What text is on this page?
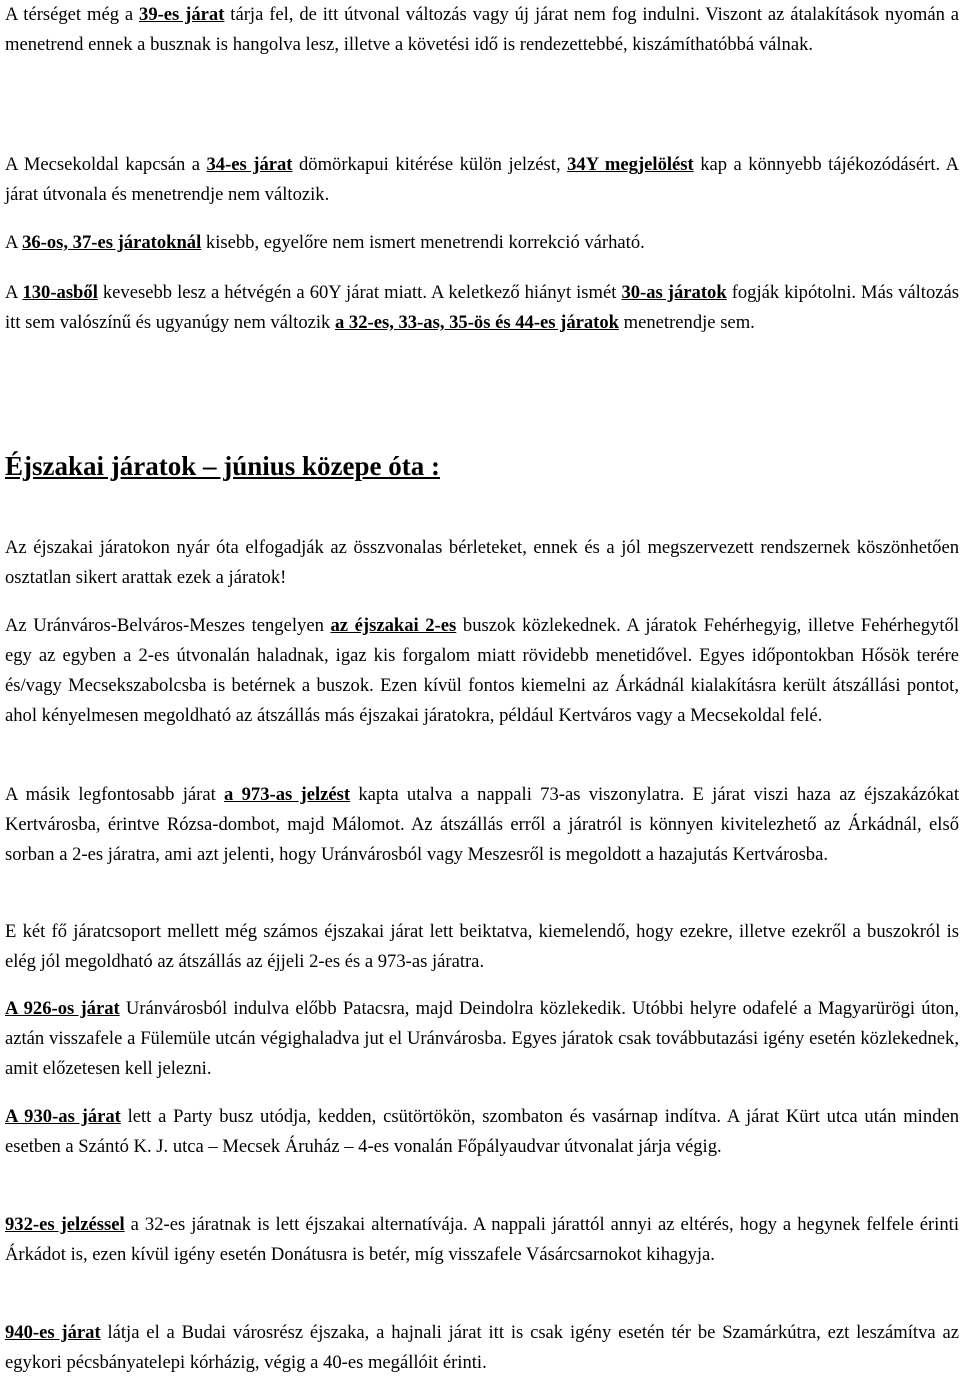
A térséget még a 39-es járat tárja fel, de itt útvonal változás vagy új járat nem fog indulni. Viszont az átalakítások nyomán a menetrend ennek a busznak is hangolva lesz, illetve a követési idő is rendezettebbé, kiszámíthatóbbá válnak.

A Mecsekoldal kapcsán a 34-es járat dömörkapui kitérése külön jelzést, 34Y megjelölést kap a könnyebb tájékozódásért. A járat útvonala és menetrendje nem változik.

A 36-os, 37-es járatoknál kisebb, egyelőre nem ismert menetrendi korrekció várható.

A 130-asből kevesebb lesz a hétvégén a 60Y járat miatt. A keletkező hiányt ismét 30-as járatok fogják kipótolni. Más változás itt sem valószínű és ugyanúgy nem változik a 32-es, 33-as, 35-ös és 44-es járatok menetrendje sem.

Éjszakai járatok – június közepe óta :

Az éjszakai járatokon nyár óta elfogadják az összvonalas bérleteket, ennek és a jól megszervezett rendszernek köszönhetően osztatlan sikert arattak ezek a járatok!

Az Uránváros-Belváros-Meszes tengelyen az éjszakai 2-es buszok közlekednek. A járatok Fehérhegyig, illetve Fehérhegytől egy az egyben a 2-es útvonalán haladnak, igaz kis forgalom miatt rövidebb menetidővel. Egyes időpontokban Hősök terére és/vagy Mecsekszabolcsba is betérnek a buszok. Ezen kívül fontos kiemelni az Árkádnál kialakításra került átszállási pontot, ahol kényelmesen megoldható az átszállás más éjszakai járatokra, például Kertváros vagy a Mecsekoldal felé.

A másik legfontosabb járat a 973-as jelzést kapta utalva a nappali 73-as viszonylatra. E járat viszi haza az éjszakázókat Kertvárosba, érintve Rózsa-dombot, majd Málomot. Az átszállás erről a járatról is könnyen kivitelezhető az Árkádnál, első sorban a 2-es járatra, ami azt jelenti, hogy Uránvárosból vagy Meszesről is megoldott a hazajutás Kertvárosba.

E két fő járatcsoport mellett még számos éjszakai járat lett beiktatva, kiemelendő, hogy ezekre, illetve ezekről a buszokról is elég jól megoldható az átszállás az éjjeli 2-es és a 973-as járatra.

A 926-os járat Uránvárosból indulva előbb Patacsra, majd Deindolra közlekedik. Utóbbi helyre odafelé a Magyarürögi úton, aztán visszafele a Fülemüle utcán végighaladva jut el Uránvárosba. Egyes járatok csak továbbutazási igény esetén közlekednek, amit előzetesen kell jelezni.

A 930-as járat lett a Party busz utódja, kedden, csütörtökön, szombaton és vasárnap indítva. A járat Kürt utca után minden esetben a Szántó K. J. utca – Mecsek Áruház – 4-es vonalán Főpályaudvar útvonalat járja végig.

932-es jelzéssel a 32-es járatnak is lett éjszakai alternatívája. A nappali járattól annyi az eltérés, hogy a hegynek felfele érinti Árkádot is, ezen kívül igény esetén Donátusra is betér, míg visszafele Vásárcsarnokot kihagyja.

940-es járat látja el a Budai városrész éjszaka, a hajnali járat itt is csak igény esetén tér be Szamárkútra, ezt leszámítva az egykori pécsbányatelepi kórházig, végig a 40-es megállóit érinti.
